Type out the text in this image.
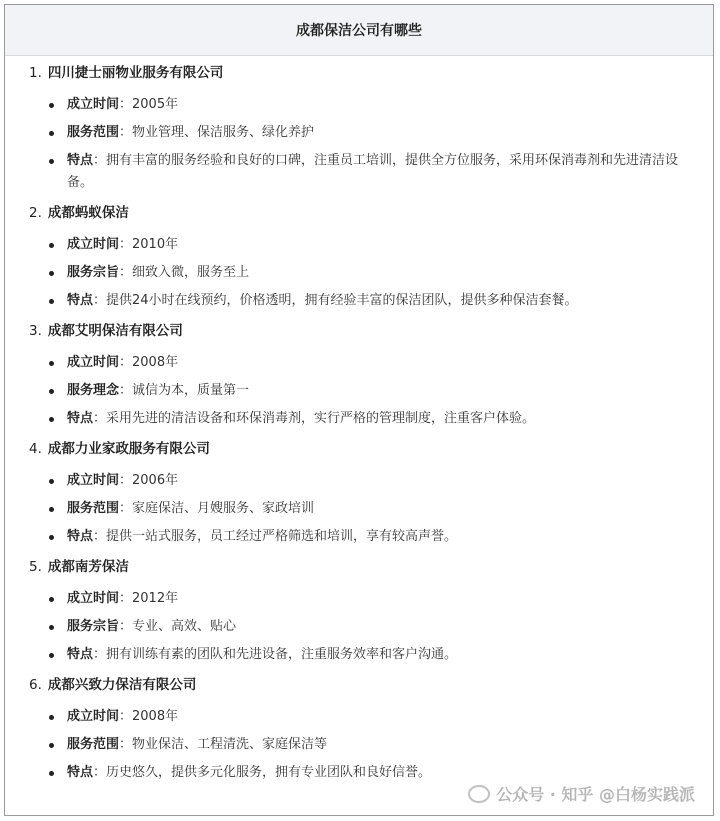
成都保洁公司有哪些
1. 四川捷士丽物业服务有限公司
成立时间：2005年
服务范围：物业管理、保洁服务、绿化养护
特点：拥有丰富的服务经验和良好的口碑，注重员工培训，提供全方位服务，采用环保消毒剂和先进清洁设备。
2. 成都蚂蚁保洁
成立时间：2010年
服务宗旨：细致入微，服务至上
特点：提供24小时在线预约，价格透明，拥有经验丰富的保洁团队，提供多种保洁套餐。
3. 成都艾明保洁有限公司
成立时间：2008年
服务理念：诚信为本，质量第一
特点：采用先进的清洁设备和环保消毒剂，实行严格的管理制度，注重客户体验。
4. 成都力业家政服务有限公司
成立时间：2006年
服务范围：家庭保洁、月嫂服务、家政培训
特点：提供一站式服务，员工经过严格筛选和培训，享有较高声誉。
5. 成都南芳保洁
成立时间：2012年
服务宗旨：专业、高效、贴心
特点：拥有训练有素的团队和先进设备，注重服务效率和客户沟通。
6. 成都兴致力保洁有限公司
成立时间：2008年
服务范围：物业保洁、工程清洗、家庭保洁等
特点：历史悠久，提供多元化服务，拥有专业团队和良好信誉。
公众号 · 知乎 @白杨实践派
